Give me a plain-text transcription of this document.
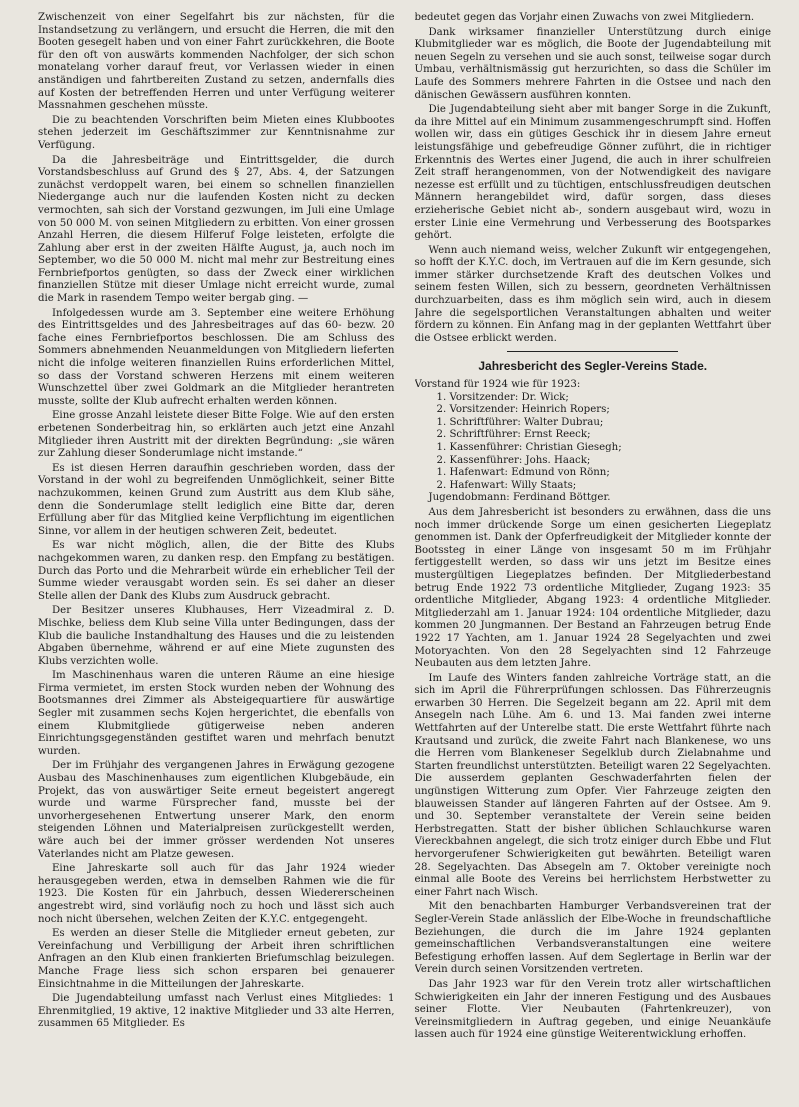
Zwischenzeit von einer Segelfahrt bis zur nächsten, für die Instandsetzung zu verlängern, und ersucht die Herren, die mit den Booten gesegelt haben und von einer Fahrt zurückkehren, die Boote für den oft von auswärts kommenden Nachfolger, der sich schon monatelang vorher darauf freut, vor Verlassen wieder in einen anständigen und fahrtbereiten Zustand zu setzen, andernfalls dies auf Kosten der betreffenden Herren und unter Verfügung weiterer Massnahmen geschehen müsste.

Die zu beachtenden Vorschriften beim Mieten eines Klubbootes stehen jederzeit im Geschäftszimmer zur Kenntnisnahme zur Verfügung.

Da die Jahresbeiträge und Eintrittsgelder, die durch Vorstandsbeschluss auf Grund des § 27, Abs. 4, der Satzungen zunächst verdoppelt waren, bei einem so schnellen finanziellen Niedergange auch nur die laufenden Kosten nicht zu decken vermochten, sah sich der Vorstand gezwungen, im Juli eine Umlage von 50 000 M. von seinen Mitgliedern zu erbitten. Von einer grossen Anzahl Herren, die diesem Hilferuf Folge leisteten, erfolgte die Zahlung aber erst in der zweiten Hälfte August, ja, auch noch im September, wo die 50 000 M. nicht mal mehr zur Bestreitung eines Fernbriefportos genügten, so dass der Zweck einer wirklichen finanziellen Stütze mit dieser Umlage nicht erreicht wurde, zumal die Mark in rasendem Tempo weiter bergab ging. —

Infolgedessen wurde am 3. September eine weitere Erhöhung des Eintrittsgeldes und des Jahresbeitrages auf das 60- bezw. 20 fache eines Fernbriefportos beschlossen. Die am Schluss des Sommers abnehmenden Neuanmeldungen von Mitgliedern lieferten nicht die infolge weiteren finanziellen Ruins erforderlichen Mittel, so dass der Vorstand schweren Herzens mit einem weiteren Wunschzettel über zwei Goldmark an die Mitglieder herantreten musste, sollte der Klub aufrecht erhalten werden können.

Eine grosse Anzahl leistete dieser Bitte Folge. Wie auf den ersten erbetenen Sonderbeitrag hin, so erklärten auch jetzt eine Anzahl Mitglieder ihren Austritt mit der direkten Begründung: „sie wären zur Zahlung dieser Sonderumlage nicht imstande.“

Es ist diesen Herren daraufhin geschrieben worden, dass der Vorstand in der wohl zu begreifenden Unmöglichkeit, seiner Bitte nachzukommen, keinen Grund zum Austritt aus dem Klub sähe, denn die Sonderumlage stellt lediglich eine Bitte dar, deren Erfüllung aber für das Mitglied keine Verpflichtung im eigentlichen Sinne, vor allem in der heutigen schweren Zeit, bedeutet.

Es war nicht möglich, allen, die der Bitte des Klubs nachgekommen waren, zu danken resp. den Empfang zu bestätigen. Durch das Porto und die Mehrarbeit würde ein erheblicher Teil der Summe wieder verausgabt worden sein. Es sei daher an dieser Stelle allen der Dank des Klubs zum Ausdruck gebracht.

Der Besitzer unseres Klubhauses, Herr Vizeadmiral z. D. Mischke, beliess dem Klub seine Villa unter Bedingungen, dass der Klub die bauliche Instandhaltung des Hauses und die zu leistenden Abgaben übernehme, während er auf eine Miete zugunsten des Klubs verzichten wolle.

Im Maschinenhaus waren die unteren Räume an eine hiesige Firma vermietet, im ersten Stock wurden neben der Wohnung des Bootsmannes drei Zimmer als Absteigequartiere für auswärtige Segler mit zusammen sechs Kojen hergerichtet, die ebenfalls von einem Klubmitgliede gütigerweise neben anderen Einrichtungsgegenständen gestiftet waren und mehrfach benutzt wurden.

Der im Frühjahr des vergangenen Jahres in Erwägung gezogene Ausbau des Maschinenhauses zum eigentlichen Klubgebäude, ein Projekt, das von auswärtiger Seite erneut begeistert angeregt wurde und warme Fürsprecher fand, musste bei der unvorhergesehenen Entwertung unserer Mark, den enorm steigenden Löhnen und Materialpreisen zurückgestellt werden, wäre auch bei der immer grösser werdenden Not unseres Vaterlandes nicht am Platze gewesen.

Eine Jahreskarte soll auch für das Jahr 1924 wieder herausgegeben werden, etwa in demselben Rahmen wie die für 1923. Die Kosten für ein Jahrbuch, dessen Wiedererscheinen angestrebt wird, sind vorläufig noch zu hoch und lässt sich auch noch nicht übersehen, welchen Zeiten der K.Y.C. entgegengeht.

Es werden an dieser Stelle die Mitglieder erneut gebeten, zur Vereinfachung und Verbilligung der Arbeit ihren schriftlichen Anfragen an den Klub einen frankierten Briefumschlag beizulegen. Manche Frage liess sich schon ersparen bei genauerer Einsichtnahme in die Mitteilungen der Jahreskarte.

Die Jugendabteilung umfasst nach Verlust eines Mitgliedes: 1 Ehrenmitglied, 19 aktive, 12 inaktive Mitglieder und 33 alte Herren, zusammen 65 Mitglieder. Es

bedeutet gegen das Vorjahr einen Zuwachs von zwei Mitgliedern.

Dank wirksamer finanzieller Unterstützung durch einige Klubmitglieder war es möglich, die Boote der Jugendabteilung mit neuen Segeln zu versehen und sie auch sonst, teilweise sogar durch Umbau, verhältnismässig gut herzurichten, so dass die Schüler im Laufe des Sommers mehrere Fahrten in die Ostsee und nach den dänischen Gewässern ausführen konnten.

Die Jugendabteilung sieht aber mit banger Sorge in die Zukunft, da ihre Mittel auf ein Minimum zusammengeschrumpft sind. Hoffen wollen wir, dass ein gütiges Geschick ihr in diesem Jahre erneut leistungsfähige und gebefreudige Gönner zuführt, die in richtiger Erkenntnis des Wertes einer Jugend, die auch in ihrer schulfreien Zeit straff herangenommen, von der Notwendigkeit des navigare nezesse est erfüllt und zu tüchtigen, entschlussfreudigen deutschen Männern herangebildet wird, dafür sorgen, dass dieses erzieherische Gebiet nicht ab-, sondern ausgebaut wird, wozu in erster Linie eine Vermehrung und Verbesserung des Bootsparkes gehört.

Wenn auch niemand weiss, welcher Zukunft wir entgegengehen, so hofft der K.Y.C. doch, im Vertrauen auf die im Kern gesunde, sich immer stärker durchsetzende Kraft des deutschen Volkes und seinem festen Willen, sich zu bessern, geordneten Verhältnissen durchzuarbeiten, dass es ihm möglich sein wird, auch in diesem Jahre die segelsportlichen Veranstaltungen abhalten und weiter fördern zu können. Ein Anfang mag in der geplanten Wettfahrt über die Ostsee erblickt werden.

Jahresbericht des Segler-Vereins Stade.
Vorstand für 1924 wie für 1923:
1. Vorsitzender: Dr. Wick;
2. Vorsitzender: Heinrich Ropers;
1. Schriftführer: Walter Dubrau;
2. Schriftführer: Ernst Reeck;
1. Kassenführer: Christian Giesegh;
2. Kassenführer: Johs. Haack;
1. Hafenwart: Edmund von Rönn;
2. Hafenwart: Willy Staats;
Jugendobmann: Ferdinand Böttger.

Aus dem Jahresbericht ist besonders zu erwähnen, dass die uns noch immer drückende Sorge um einen gesicherten Liegeplatz genommen ist. Dank der Opferfreudigkeit der Mitglieder konnte der Bootssteg in einer Länge von insgesamt 50 m im Frühjahr fertiggestellt werden, so dass wir uns jetzt im Besitze eines mustergültigen Liegeplatzes befinden. Der Mitgliederbestand betrug Ende 1922 73 ordentliche Mitglieder, Zugang 1923: 35 ordentliche Mitglieder, Abgang 1923: 4 ordentliche Mitglieder. Mitgliederzahl am 1. Januar 1924: 104 ordentliche Mitglieder, dazu kommen 20 Jungmannen. Der Bestand an Fahrzeugen betrug Ende 1922 17 Yachten, am 1. Januar 1924 28 Segelyachten und zwei Motoryachten. Von den 28 Segelyachten sind 12 Fahrzeuge Neubauten aus dem letzten Jahre.

Im Laufe des Winters fanden zahlreiche Vorträge statt, an die sich im April die Führerprüfungen schlossen. Das Führerzeugnis erwarben 30 Herren. Die Segelzeit begann am 22. April mit dem Ansegeln nach Lühe. Am 6. und 13. Mai fanden zwei interne Wettfahrten auf der Unterelbe statt. Die erste Wettfahrt führte nach Krautsand und zurück, die zweite Fahrt nach Blankenese, wo uns die Herren vom Blankeneser Segelklub durch Zielabnahme und Starten freundlichst unterstützten. Beteiligt waren 22 Segelyachten. Die ausserdem geplanten Geschwaderfahrten fielen der ungünstigen Witterung zum Opfer. Vier Fahrzeuge zeigten den blauweissen Stander auf längeren Fahrten auf der Ostsee. Am 9. und 30. September veranstaltete der Verein seine beiden Herbstregatten. Statt der bisher üblichen Schlauchkurse waren Viereckbahnen angelegt, die sich trotz einiger durch Ebbe und Flut hervorgerufener Schwierigkeiten gut bewährten. Beteiligt waren 28. Segelyachten. Das Absegeln am 7. Oktober vereinigte noch einmal alle Boote des Vereins bei herrlichstem Herbstwetter zu einer Fahrt nach Wisch.

Mit den benachbarten Hamburger Verbandsvereinen trat der Segler-Verein Stade anlässlich der Elbe-Woche in freundschaftliche Beziehungen, die durch die im Jahre 1924 geplanten gemeinschaftlichen Verbandsveranstaltungen eine weitere Befestigung erhoffen lassen. Auf dem Seglertage in Berlin war der Verein durch seinen Vorsitzenden vertreten.

Das Jahr 1923 war für den Verein trotz aller wirtschaftlichen Schwierigkeiten ein Jahr der inneren Festigung und des Ausbaues seiner Flotte. Vier Neubauten (Fahrtenkreuzer), von Vereinsmitgliedern in Auftrag gegeben, und einige Neuankäufe lassen auch für 1924 eine günstige Weiterentwicklung erhoffen.
